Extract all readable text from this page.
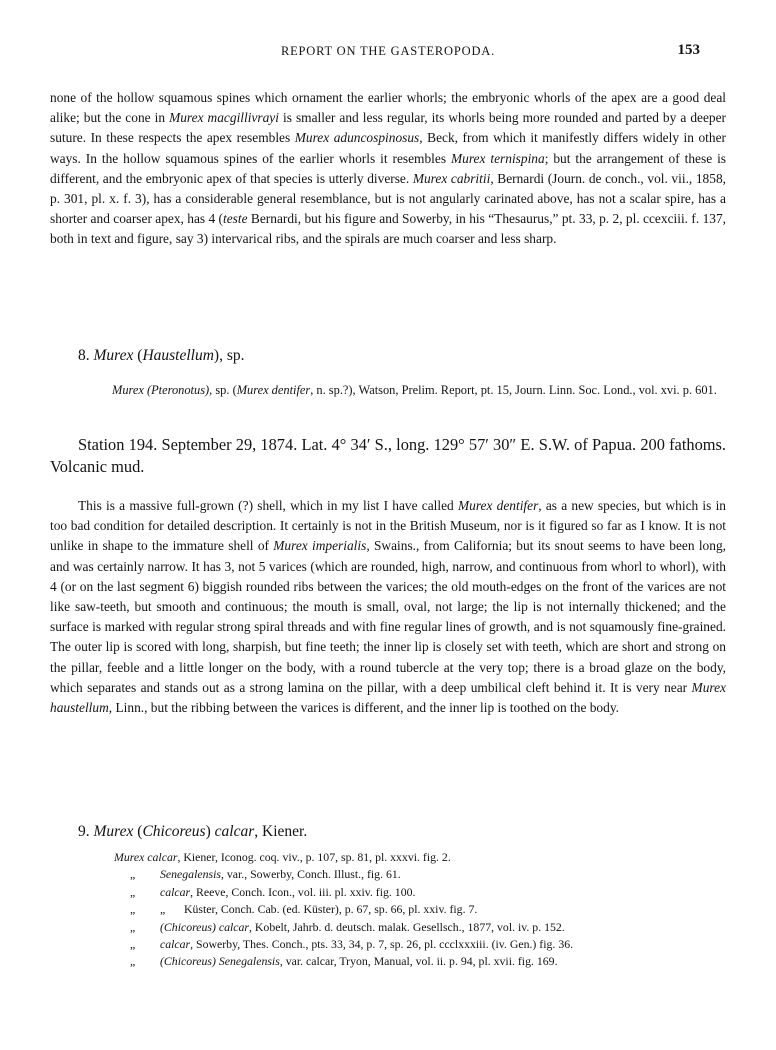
REPORT ON THE GASTEROPODA.	153

none of the hollow squamous spines which ornament the earlier whorls; the embryonic whorls of the apex are a good deal alike; but the cone in Murex macgillivrayi is smaller and less regular, its whorls being more rounded and parted by a deeper suture. In these respects the apex resembles Murex aduncospinosus, Beck, from which it manifestly differs widely in other ways. In the hollow squamous spines of the earlier whorls it resembles Murex ternispina; but the arrangement of these is different, and the embryonic apex of that species is utterly diverse. Murex cabritii, Bernardi (Journ. de conch., vol. vii., 1858, p. 301, pl. x. f. 3), has a considerable general resemblance, but is not angularly carinated above, has not a scalar spire, has a shorter and coarser apex, has 4 (teste Bernardi, but his figure and Sowerby, in his “Thesaurus,” pt. 33, p. 2, pl. ccexciii. f. 137, both in text and figure, say 3) intervarical ribs, and the spirals are much coarser and less sharp.

8. Murex (Haustellum), sp.

Murex (Pteronotus), sp. (Murex dentifer, n. sp.?), Watson, Prelim. Report, pt. 15, Journ. Linn. Soc. Lond., vol. xvi. p. 601.

Station 194. September 29, 1874. Lat. 4° 34′ S., long. 129° 57′ 30″ E. S.W. of Papua. 200 fathoms. Volcanic mud.

This is a massive full-grown (?) shell, which in my list I have called Murex dentifer, as a new species, but which is in too bad condition for detailed description. It certainly is not in the British Museum, nor is it figured so far as I know. It is not unlike in shape to the immature shell of Murex imperialis, Swains., from California; but its snout seems to have been long, and was certainly narrow. It has 3, not 5 varices (which are rounded, high, narrow, and continuous from whorl to whorl), with 4 (or on the last segment 6) biggish rounded ribs between the varices; the old mouth-edges on the front of the varices are not like saw-teeth, but smooth and continuous; the mouth is small, oval, not large; the lip is not internally thickened; and the surface is marked with regular strong spiral threads and with fine regular lines of growth, and is not squamously fine-grained. The outer lip is scored with long, sharpish, but fine teeth; the inner lip is closely set with teeth, which are short and strong on the pillar, feeble and a little longer on the body, with a round tubercle at the very top; there is a broad glaze on the body, which separates and stands out as a strong lamina on the pillar, with a deep umbilical cleft behind it. It is very near Murex haustellum, Linn., but the ribbing between the varices is different, and the inner lip is toothed on the body.

9. Murex (Chicoreus) calcar, Kiener.
Murex calcar, Kiener, Iconog. coq. viv., p. 107, sp. 81, pl. xxxvi. fig. 2.
„ Senegalensis, var., Sowerby, Conch. Illust., fig. 61.
„ calcar, Reeve, Conch. Icon., vol. iii. pl. xxiv. fig. 100.
„ „ Küster, Conch. Cab. (ed. Küster), p. 67, sp. 66, pl. xxiv. fig. 7.
„ (Chicoreus) calcar, Kobelt, Jahrb. d. deutsch. malak. Gesellsch., 1877, vol. iv. p. 152.
„ calcar, Sowerby, Thes. Conch., pts. 33, 34, p. 7, sp. 26, pl. ccclxxxiii. (iv. Gen.) fig. 36.
„ (Chicoreus) Senegalensis, var. calcar, Tryon, Manual, vol. ii. p. 94, pl. xvii. fig. 169.
